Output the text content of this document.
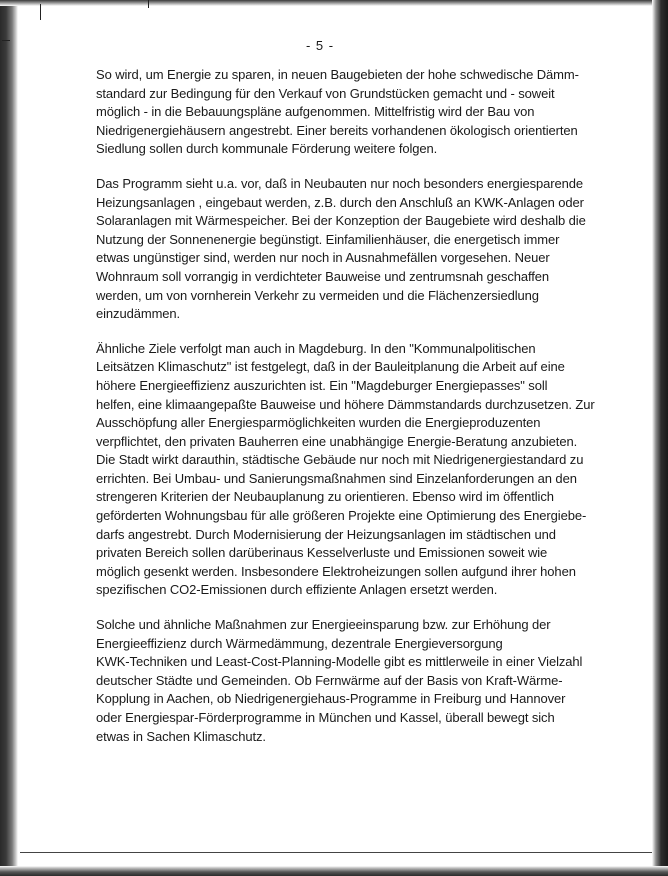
- 5 -

So wird, um Energie zu sparen, in neuen Baugebieten der hohe schwedische Dämm-
standard zur Bedingung für den Verkauf von Grundstücken gemacht und - soweit
möglich - in die Bebauungspläne aufgenommen. Mittelfristig wird der Bau von
Niedrigenergiehäusern angestrebt. Einer bereits vorhandenen ökologisch orientierten
Siedlung sollen durch kommunale Förderung weitere folgen.

Das Programm sieht u.a. vor, daß in Neubauten nur noch besonders energiesparende
Heizungsanlagen , eingebaut werden, z.B. durch den Anschluß an KWK-Anlagen oder
Solaranlagen mit Wärmespeicher. Bei der Konzeption der Baugebiete wird deshalb die
Nutzung der Sonnenenergie begünstigt. Einfamilienhäuser, die energetisch immer
etwas ungünstiger sind, werden nur noch in Ausnahmefällen vorgesehen. Neuer
Wohnraum soll vorrangig in verdichteter Bauweise und zentrumsnah geschaffen
werden, um von vornherein Verkehr zu vermeiden und die Flächenzersiedlung
einzudämmen.

Ähnliche Ziele verfolgt man auch in Magdeburg. In den "Kommunalpolitischen
Leitsätzen Klimaschutz" ist festgelegt, daß in der Bauleitplanung die Arbeit auf eine
höhere Energieeffizienz auszurichten ist. Ein "Magdeburger Energiepasses" soll
helfen, eine klimaangepaßte Bauweise und höhere Dämmstandards durchzusetzen. Zur
Ausschöpfung aller Energiesparmöglichkeiten wurden die Energieproduzenten
verpflichtet, den privaten Bauherren eine unabhängige Energie-Beratung anzubieten.
Die Stadt wirkt darauthin, städtische Gebäude nur noch mit Niedrigenergiestandard zu
errichten. Bei Umbau- und Sanierungsmaßnahmen sind Einzelanforderungen an den
strengeren Kriterien der Neubauplanung zu orientieren. Ebenso wird im öffentlich
geförderten Wohnungsbau für alle größeren Projekte eine Optimierung des Energiebe-
darfs angestrebt. Durch Modernisierung der Heizungsanlagen im städtischen und
privaten Bereich sollen darüberinaus Kesselverluste und Emissionen soweit wie
möglich gesenkt werden. Insbesondere Elektroheizungen sollen aufgund ihrer hohen
spezifischen CO2-Emissionen durch effiziente Anlagen ersetzt werden.

Solche und ähnliche Maßnahmen zur Energieeinsparung bzw. zur Erhöhung der
Energieeffizienz durch Wärmedämmung, dezentrale Energieversorgung
KWK-Techniken und Least-Cost-Planning-Modelle gibt es mittlerweile in einer Vielzahl
deutscher Städte und Gemeinden. Ob Fernwärme auf der Basis von Kraft-Wärme-
Kopplung in Aachen, ob Niedrigenergiehaus-Programme in Freiburg und Hannover
oder Energiespar-Förderprogramme in München und Kassel, überall bewegt sich
etwas in Sachen Klimaschutz.
